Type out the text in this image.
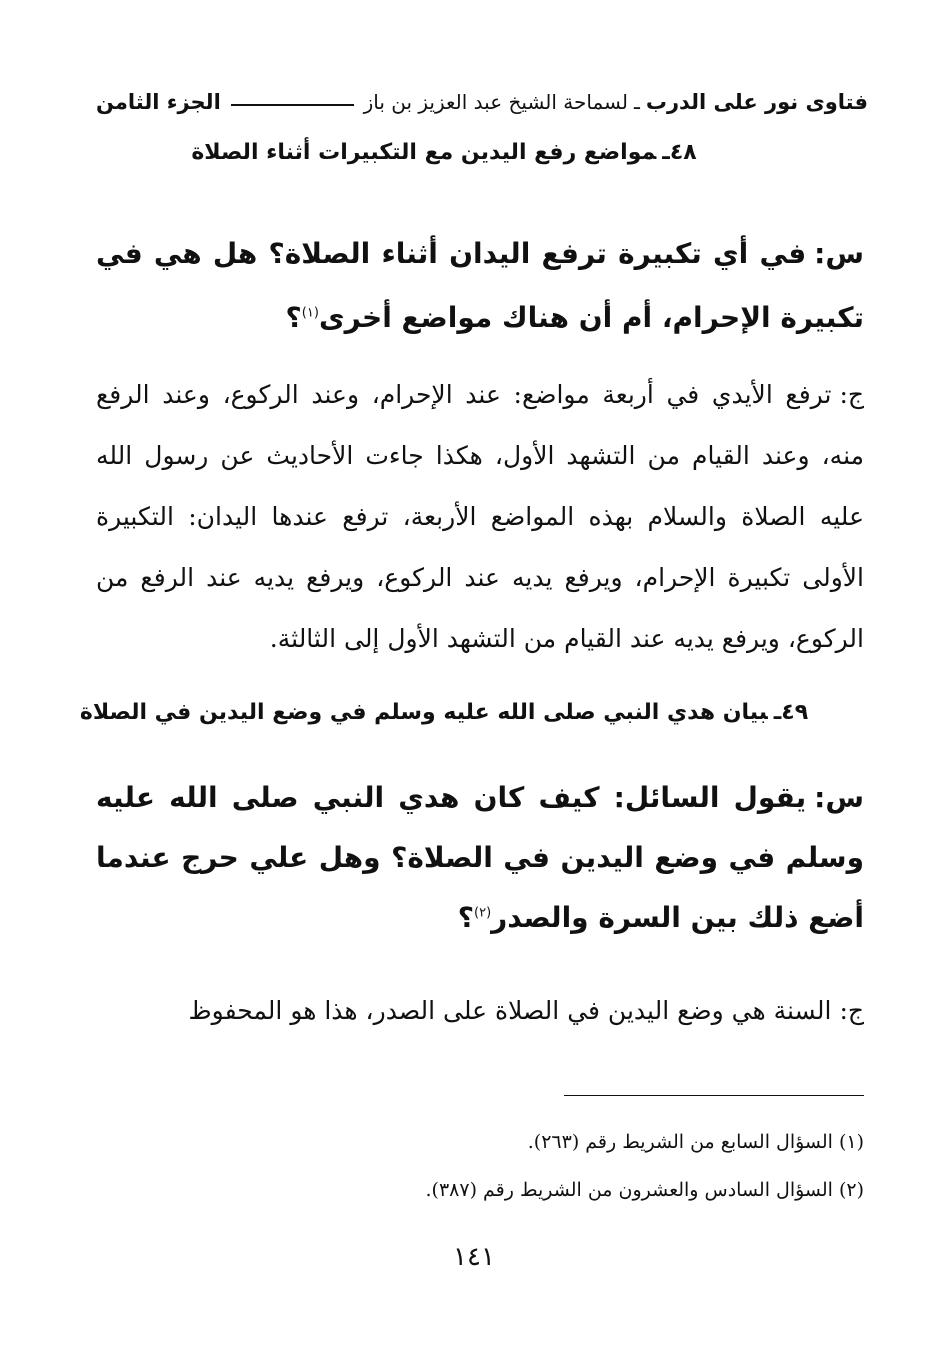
فتاوى نور على الدرب
ـ
لسماحة الشيخ عبد العزيز بن باز
الجزء الثامن
٤٨ـمواضع رفع اليدين مع التكبيرات أثناء الصلاة
س:في أي تكبيرة ترفع اليدان أثناء الصلاة؟ هل هي في تكبيرة الإحرام، أم أن هناك مواضع أخرى$^{(١)}$؟
ج:ترفع الأيدي في أربعة مواضع: عند الإحرام، وعند الركوع، وعند الرفع منه، وعند القيام من التشهد الأول، هكذا جاءت الأحاديث عن رسول الله عليه الصلاة والسلام بهذه المواضع الأربعة، ترفع عندها اليدان: التكبيرة الأولى تكبيرة الإحرام، ويرفع يديه عند الركوع، ويرفع يديه عند الرفع من الركوع، ويرفع يديه عند القيام من التشهد الأول إلى الثالثة.
٤٩ـبيان هدي النبي صلى الله عليه وسلم في وضع اليدين في الصلاة
س:يقول السائل: كيف كان هدي النبي صلى الله عليه وسلم في وضع اليدين في الصلاة؟ وهل علي حرج عندما أضع ذلك بين السرة والصدر$^{(٢)}$؟
ج:السنة هي وضع اليدين في الصلاة على الصدر، هذا هو المحفوظ
(١)السؤال السابع من الشريط رقم (٢٦٣).
(٢)السؤال السادس والعشرون من الشريط رقم (٣٨٧).
١٤١
